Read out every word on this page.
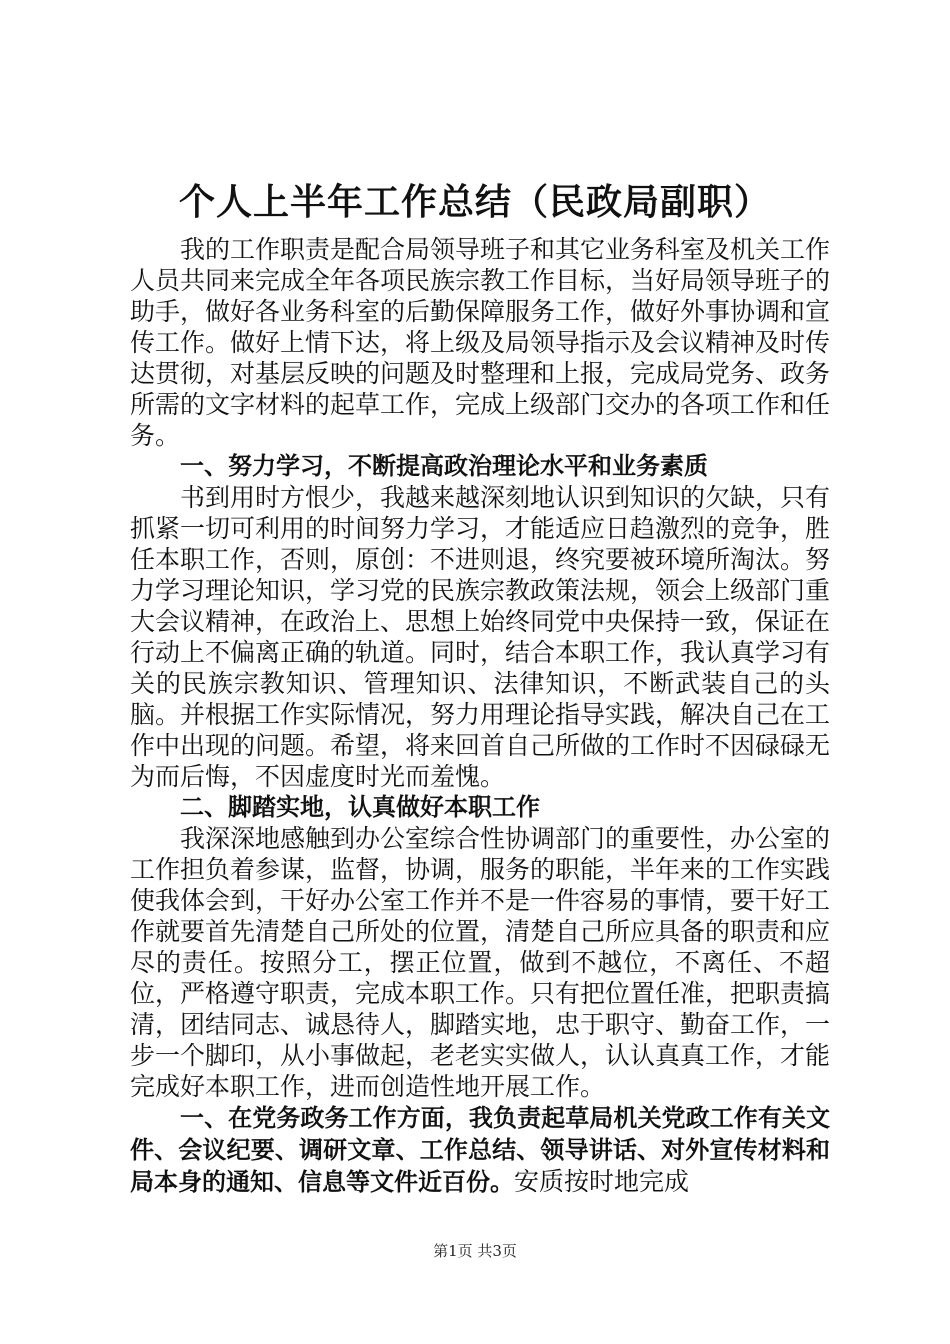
个人上半年工作总结（民政局副职）

我的工作职责是配合局领导班子和其它业务科室及机关工作人员共同来完成全年各项民族宗教工作目标，当好局领导班子的助手，做好各业务科室的后勤保障服务工作，做好外事协调和宣传工作。做好上情下达，将上级及局领导指示及会议精神及时传达贯彻，对基层反映的问题及时整理和上报，完成局党务、政务所需的文字材料的起草工作，完成上级部门交办的各项工作和任务。

一、努力学习，不断提高政治理论水平和业务素质

书到用时方恨少，我越来越深刻地认识到知识的欠缺，只有抓紧一切可利用的时间努力学习，才能适应日趋激烈的竞争，胜任本职工作，否则，原创：不进则退，终究要被环境所淘汰。努力学习理论知识，学习党的民族宗教政策法规，领会上级部门重大会议精神，在政治上、思想上始终同党中央保持一致，保证在行动上不偏离正确的轨道。同时，结合本职工作，我认真学习有关的民族宗教知识、管理知识、法律知识，不断武装自己的头脑。并根据工作实际情况，努力用理论指导实践，解决自己在工作中出现的问题。希望，将来回首自己所做的工作时不因碌碌无为而后悔，不因虚度时光而羞愧。

二、脚踏实地，认真做好本职工作

我深深地感触到办公室综合性协调部门的重要性，办公室的工作担负着参谋，监督，协调，服务的职能，半年来的工作实践使我体会到，干好办公室工作并不是一件容易的事情，要干好工作就要首先清楚自己所处的位置，清楚自己所应具备的职责和应尽的责任。按照分工，摆正位置，做到不越位，不离任、不超位，严格遵守职责，完成本职工作。只有把位置任准，把职责搞清，团结同志、诚恳待人，脚踏实地，忠于职守、勤奋工作，一步一个脚印，从小事做起，老老实实做人，认认真真工作，才能完成好本职工作，进而创造性地开展工作。

一、在党务政务工作方面，我负责起草局机关党政工作有关文件、会议纪要、调研文章、工作总结、领导讲话、对外宣传材料和局本身的通知、信息等文件近百份。安质按时地完成

第1页 共3页
